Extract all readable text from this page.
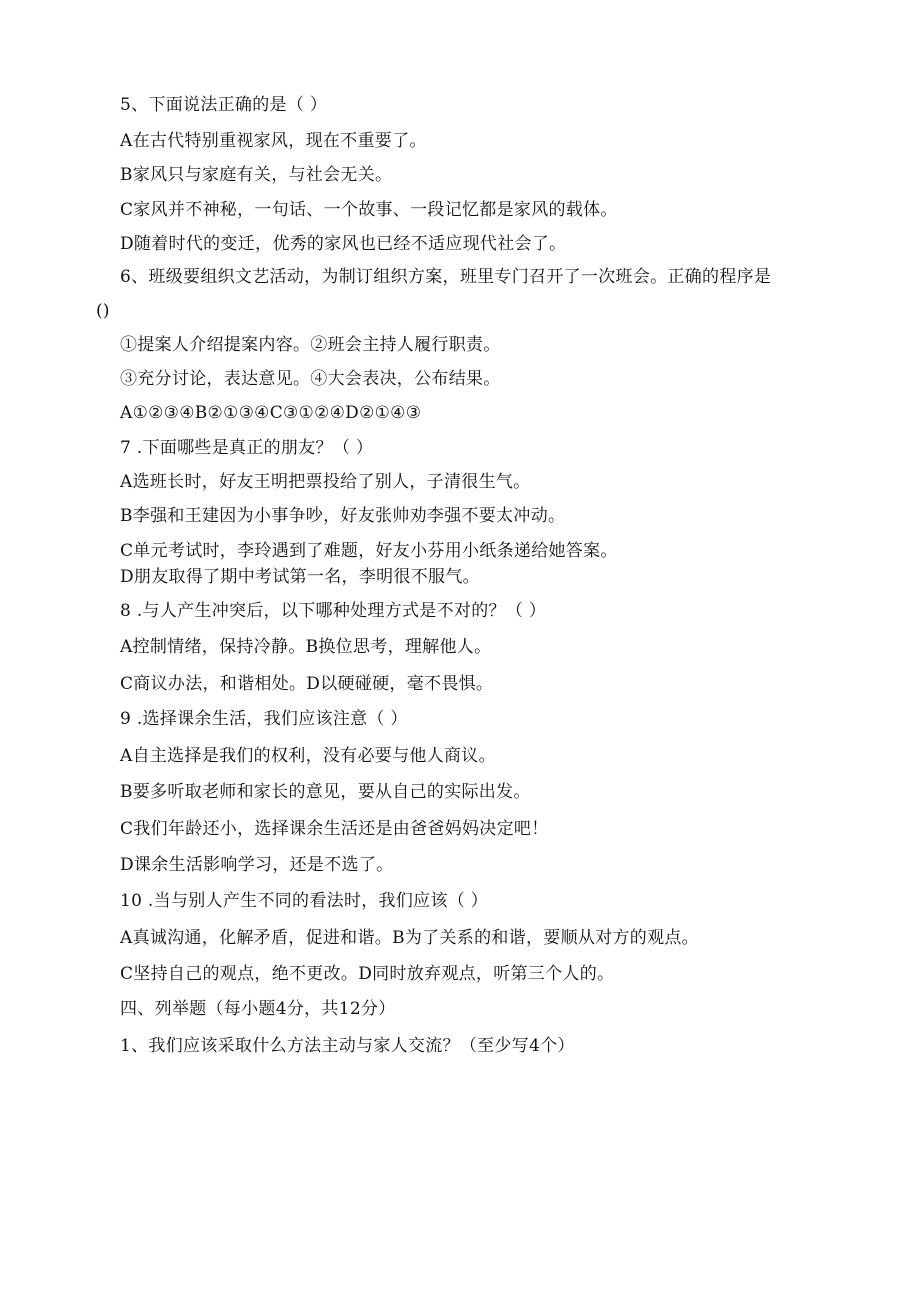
5、下面说法正确的是（ ）
A在古代特别重视家风，现在不重要了。
B家风只与家庭有关，与社会无关。
C家风并不神秘，一句话、一个故事、一段记忆都是家风的载体。
D随着时代的变迁，优秀的家风也已经不适应现代社会了。
6、班级要组织文艺活动，为制订组织方案，班里专门召开了一次班会。正确的程序是
()
①提案人介绍提案内容。②班会主持人履行职责。
③充分讨论，表达意见。④大会表决，公布结果。
A①②③④B②①③④C③①②④D②①④③
7 .下面哪些是真正的朋友？（ ）
A选班长时，好友王明把票投给了别人，子清很生气。
B李强和王建因为小事争吵，好友张帅劝李强不要太冲动。
C单元考试时，李玲遇到了难题，好友小芬用小纸条递给她答案。
D朋友取得了期中考试第一名，李明很不服气。
8 .与人产生冲突后，以下哪种处理方式是不对的？（ ）
A控制情绪，保持冷静。B换位思考，理解他人。
C商议办法，和谐相处。D以硬碰硬，毫不畏惧。
9 .选择课余生活，我们应该注意（ ）
A自主选择是我们的权利，没有必要与他人商议。
B要多听取老师和家长的意见，要从自己的实际出发。
C我们年龄还小，选择课余生活还是由爸爸妈妈决定吧！
D课余生活影响学习，还是不选了。
10 .当与别人产生不同的看法时，我们应该（ ）
A真诚沟通，化解矛盾，促进和谐。B为了关系的和谐，要顺从对方的观点。
C坚持自己的观点，绝不更改。D同时放弃观点，听第三个人的。
四、列举题（每小题4分，共12分）
1、我们应该采取什么方法主动与家人交流？（至少写4个）
